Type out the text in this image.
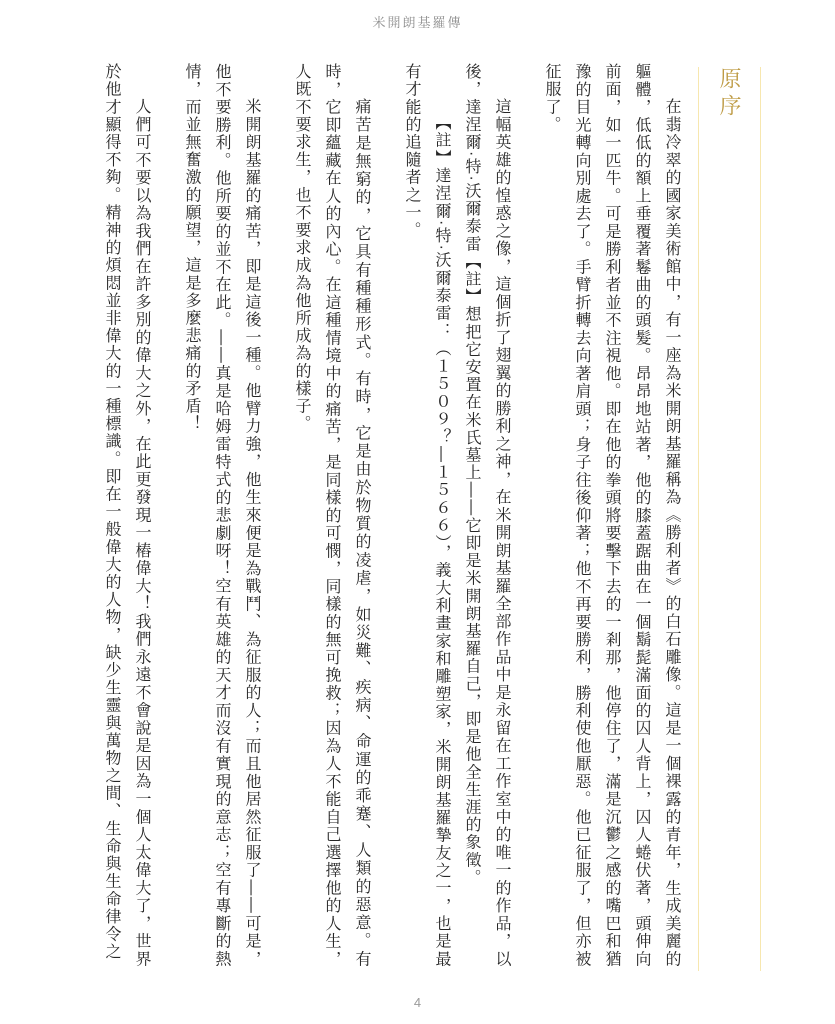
米開朗基羅傳
原序

在翡冷翠的國家美術館中，有一座為米開朗基羅稱為《勝利者》的白石雕像。這是一個裸露的青年，生成美麗的軀體，低低的額上垂覆著鬈曲的頭髮。昂昂地站著，他的膝蓋踞曲在一個鬍髭滿面的囚人背上，囚人蜷伏著，頭伸向前面，如一匹牛。可是勝利者並不注視他。即在他的拳頭將要擊下去的一剎那，他停住了，滿是沉鬱之感的嘴巴和猶豫的目光轉向別處去了。手臂折轉去向著肩頭；身子往後仰著；他不再要勝利，勝利使他厭惡。他已征服了，但亦被征服了。

這幅英雄的惶惑之像，這個折了翅翼的勝利之神，在米開朗基羅全部作品中是永留在工作室中的唯一的作品，以後，達涅爾·特·沃爾泰雷【註】想把它安置在米氏墓上——它即是米開朗基羅自己，即是他全生涯的象徵。

【註】達涅爾·特·沃爾泰雷：（１５０９？—１５６６），義大利畫家和雕塑家，米開朗基羅摯友之一，也是最有才能的追隨者之一。

痛苦是無窮的，它具有種種形式。有時，它是由於物質的凌虐，如災難、疾病、命運的乖蹇、人類的惡意。有時，它即蘊藏在人的內心。在這種情境中的痛苦，是同樣的可憫，同樣的無可挽救；因為人不能自己選擇他的人生，人既不要求生，也不要求成為他所成為的樣子。

米開朗基羅的痛苦，即是這後一種。他臂力強，他生來便是為戰鬥、為征服的人；而且他居然征服了——可是，他不要勝利。他所要的並不在此。——真是哈姆雷特式的悲劇呀！空有英雄的天才而沒有實現的意志；空有專斷的熱情，而並無奮激的願望，這是多麼悲痛的矛盾！

人們可不要以為我們在許多別的偉大之外，在此更發現一樁偉大！我們永遠不會說是因為一個人太偉大了，世界於他才顯得不夠。精神的煩悶並非偉大的一種標識。即在一般偉大的人物，缺少生靈與萬物之間、生命與生命律令之

4
